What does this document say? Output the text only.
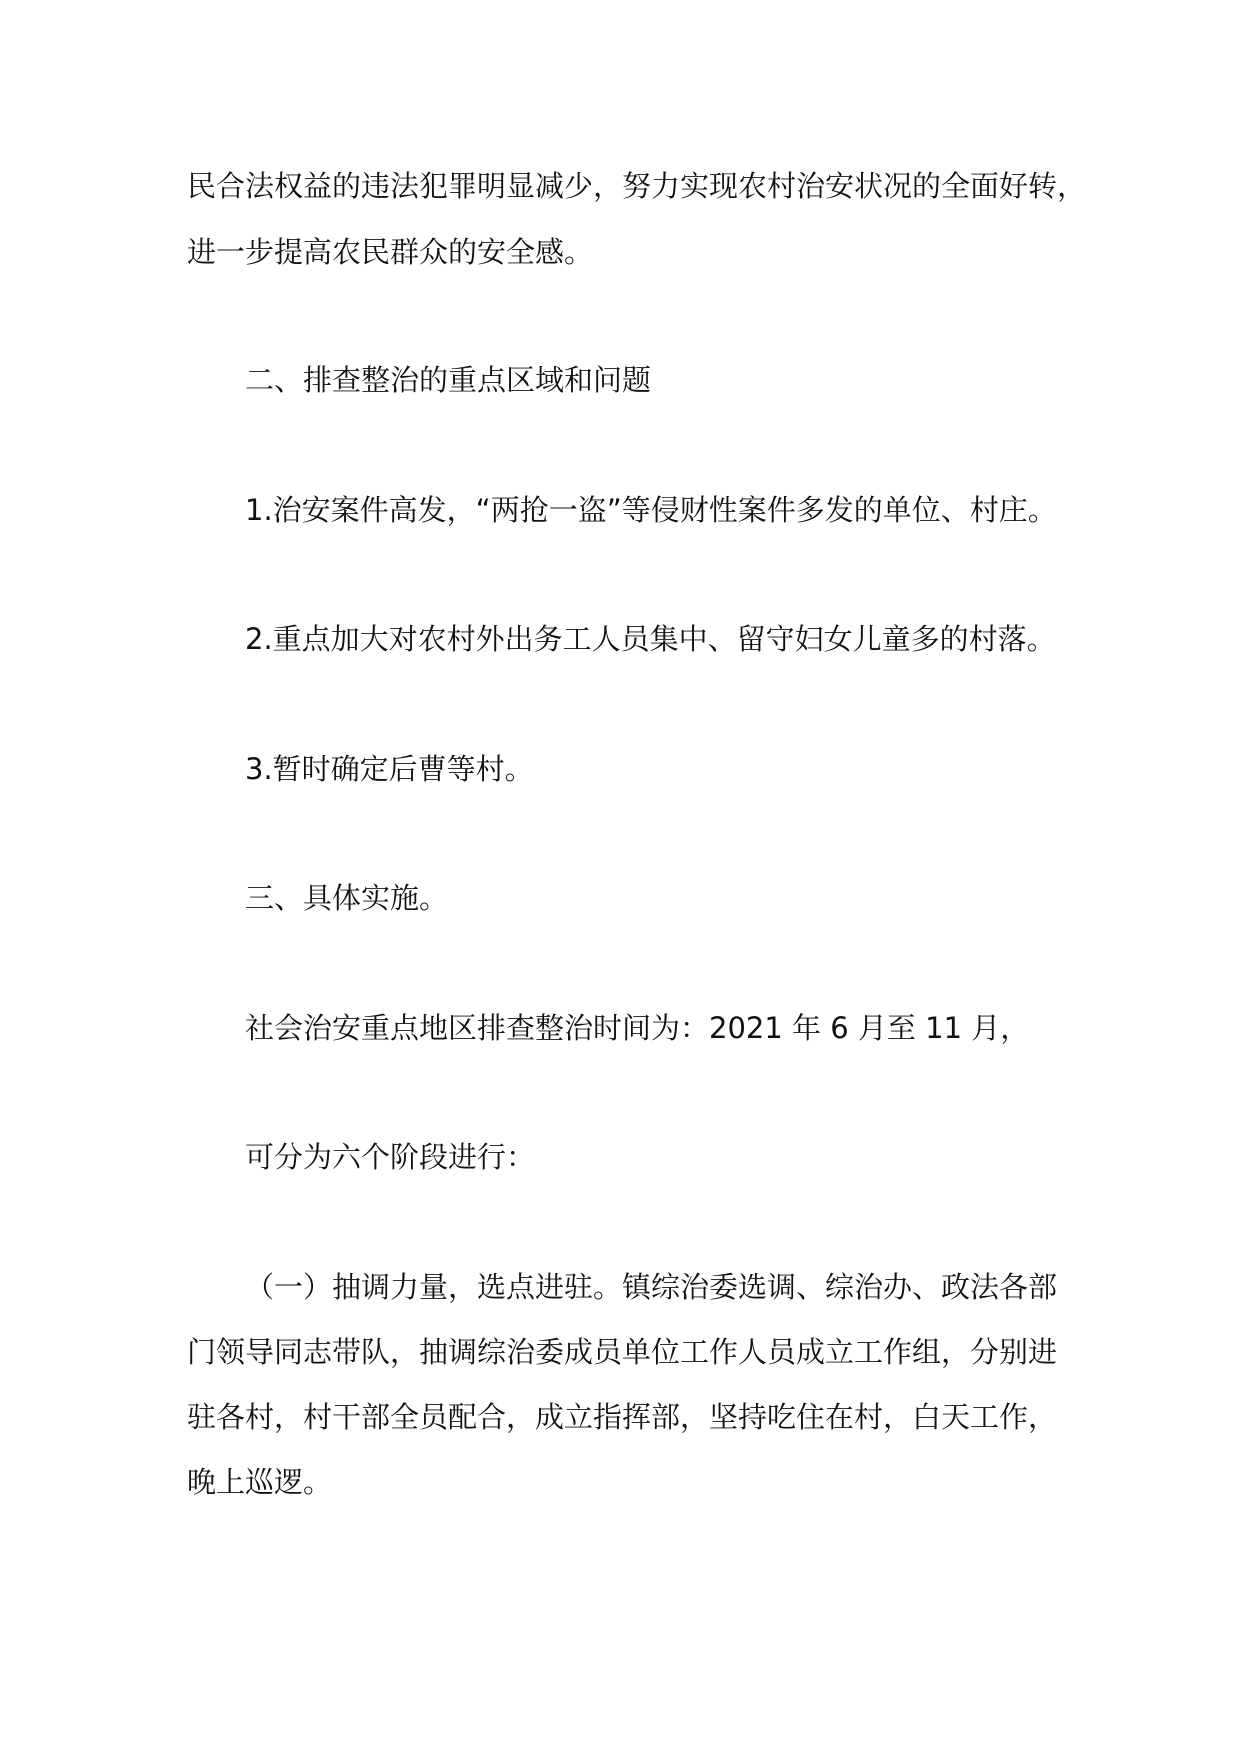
民合法权益的违法犯罪明显减少，努力实现农村治安状况的全面好转，
进一步提高农民群众的安全感。
二、排查整治的重点区域和问题
1.治安案件高发，“两抢一盗”等侵财性案件多发的单位、村庄。
2.重点加大对农村外出务工人员集中、留守妇女儿童多的村落。
3.暂时确定后曹等村。
三、具体实施。
社会治安重点地区排查整治时间为：2021 年 6 月至 11 月，
可分为六个阶段进行：
（一）抽调力量，选点进驻。镇综治委选调、综治办、政法各部
门领导同志带队，抽调综治委成员单位工作人员成立工作组，分别进
驻各村，村干部全员配合，成立指挥部，坚持吃住在村，白天工作，
晚上巡逻。
